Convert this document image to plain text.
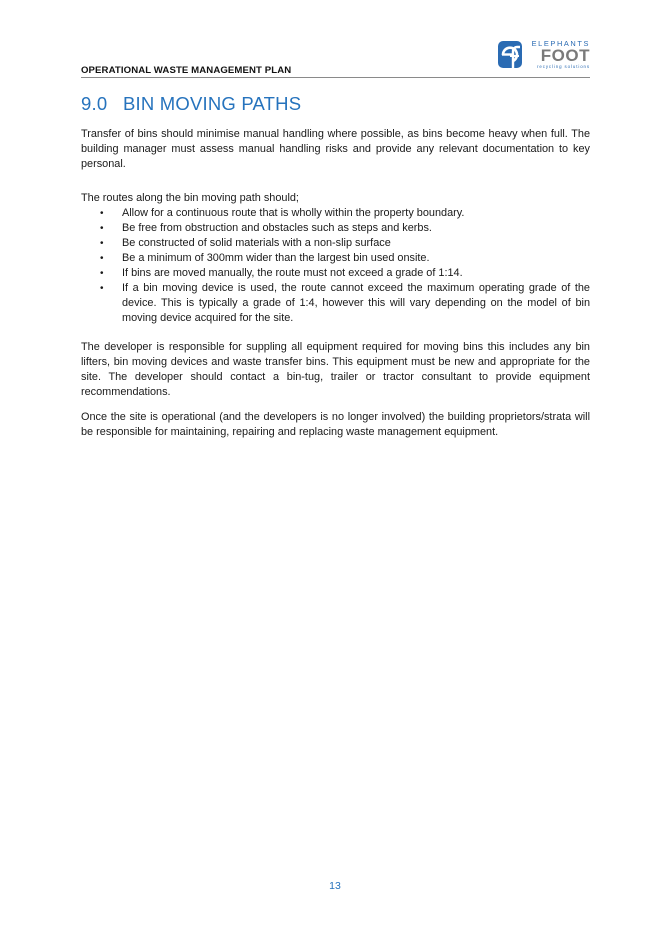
OPERATIONAL WASTE MANAGEMENT PLAN
ELEPHANTS
FOOT
recycling solutions
9.0 BIN MOVING PATHS

Transfer of bins should minimise manual handling where possible, as bins become heavy when full. The building manager must assess manual handling risks and provide any relevant documentation to key personal.

The routes along the bin moving path should;

• Allow for a continuous route that is wholly within the property boundary.
• Be free from obstruction and obstacles such as steps and kerbs.
• Be constructed of solid materials with a non-slip surface
• Be a minimum of 300mm wider than the largest bin used onsite.
• If bins are moved manually, the route must not exceed a grade of 1:14.
• If a bin moving device is used, the route cannot exceed the maximum operating grade of the device. This is typically a grade of 1:4, however this will vary depending on the model of bin moving device acquired for the site.

The developer is responsible for suppling all equipment required for moving bins this includes any bin lifters, bin moving devices and waste transfer bins. This equipment must be new and appropriate for the site. The developer should contact a bin-tug, trailer or tractor consultant to provide equipment recommendations.

Once the site is operational (and the developers is no longer involved) the building proprietors/strata will be responsible for maintaining, repairing and replacing waste management equipment.

13
